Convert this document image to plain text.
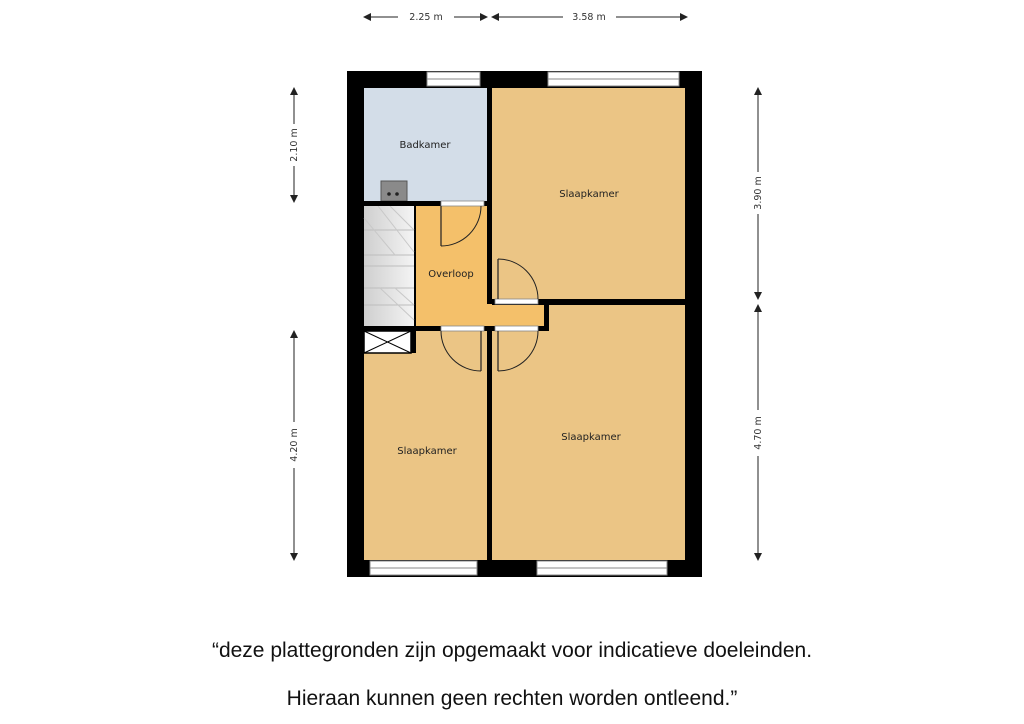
Badkamer
Overloop
Slaapkamer
Slaapkamer
Slaapkamer
2.25 m	3.58 m
2.10 m
4.20 m
3.90 m
4.70 m

“deze plattegronden zijn opgemaakt voor indicatieve doeleinden.

Hieraan kunnen geen rechten worden ontleend.”
